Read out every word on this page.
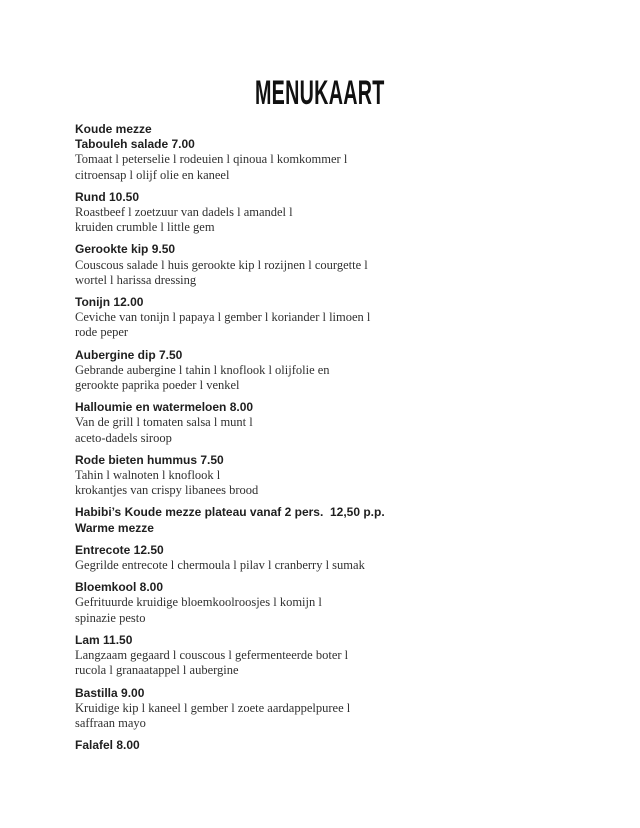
MENUKAART
Koude mezze
Tabouleh salade 7.00
Tomaat l peterselie l rodeuien l qinoua l komkommer l
citroensap l olijf olie en kaneel
Rund 10.50
Roastbeef l zoetzuur van dadels l amandel l
kruiden crumble l little gem
Gerookte kip 9.50
Couscous salade l huis gerookte kip l rozijnen l courgette l
wortel l harissa dressing
Tonijn 12.00
Ceviche van tonijn l papaya l gember l koriander l limoen l
rode peper
Aubergine dip 7.50
Gebrande aubergine l tahin l knoflook l olijfolie en
gerookte paprika poeder l venkel
Halloumie en watermeloen 8.00
Van de grill l tomaten salsa l munt l
aceto-dadels siroop
Rode bieten hummus 7.50
Tahin l walnoten l knoflook l
krokantjes van crispy libanees brood
Habibi’s Koude mezze plateau vanaf 2 pers.  12,50 p.p.
Warme mezze
Entrecote 12.50
Gegrilde entrecote l chermoula l pilav l cranberry l sumak
Bloemkool 8.00
Gefrituurde kruidige bloemkoolroosjes l komijn l
spinazie pesto
Lam 11.50
Langzaam gegaard l couscous l gefermenteerde boter l
rucola l granaatappel l aubergine
Bastilla 9.00
Kruidige kip l kaneel l gember l zoete aardappelpuree l
saffraan mayo
Falafel 8.00
